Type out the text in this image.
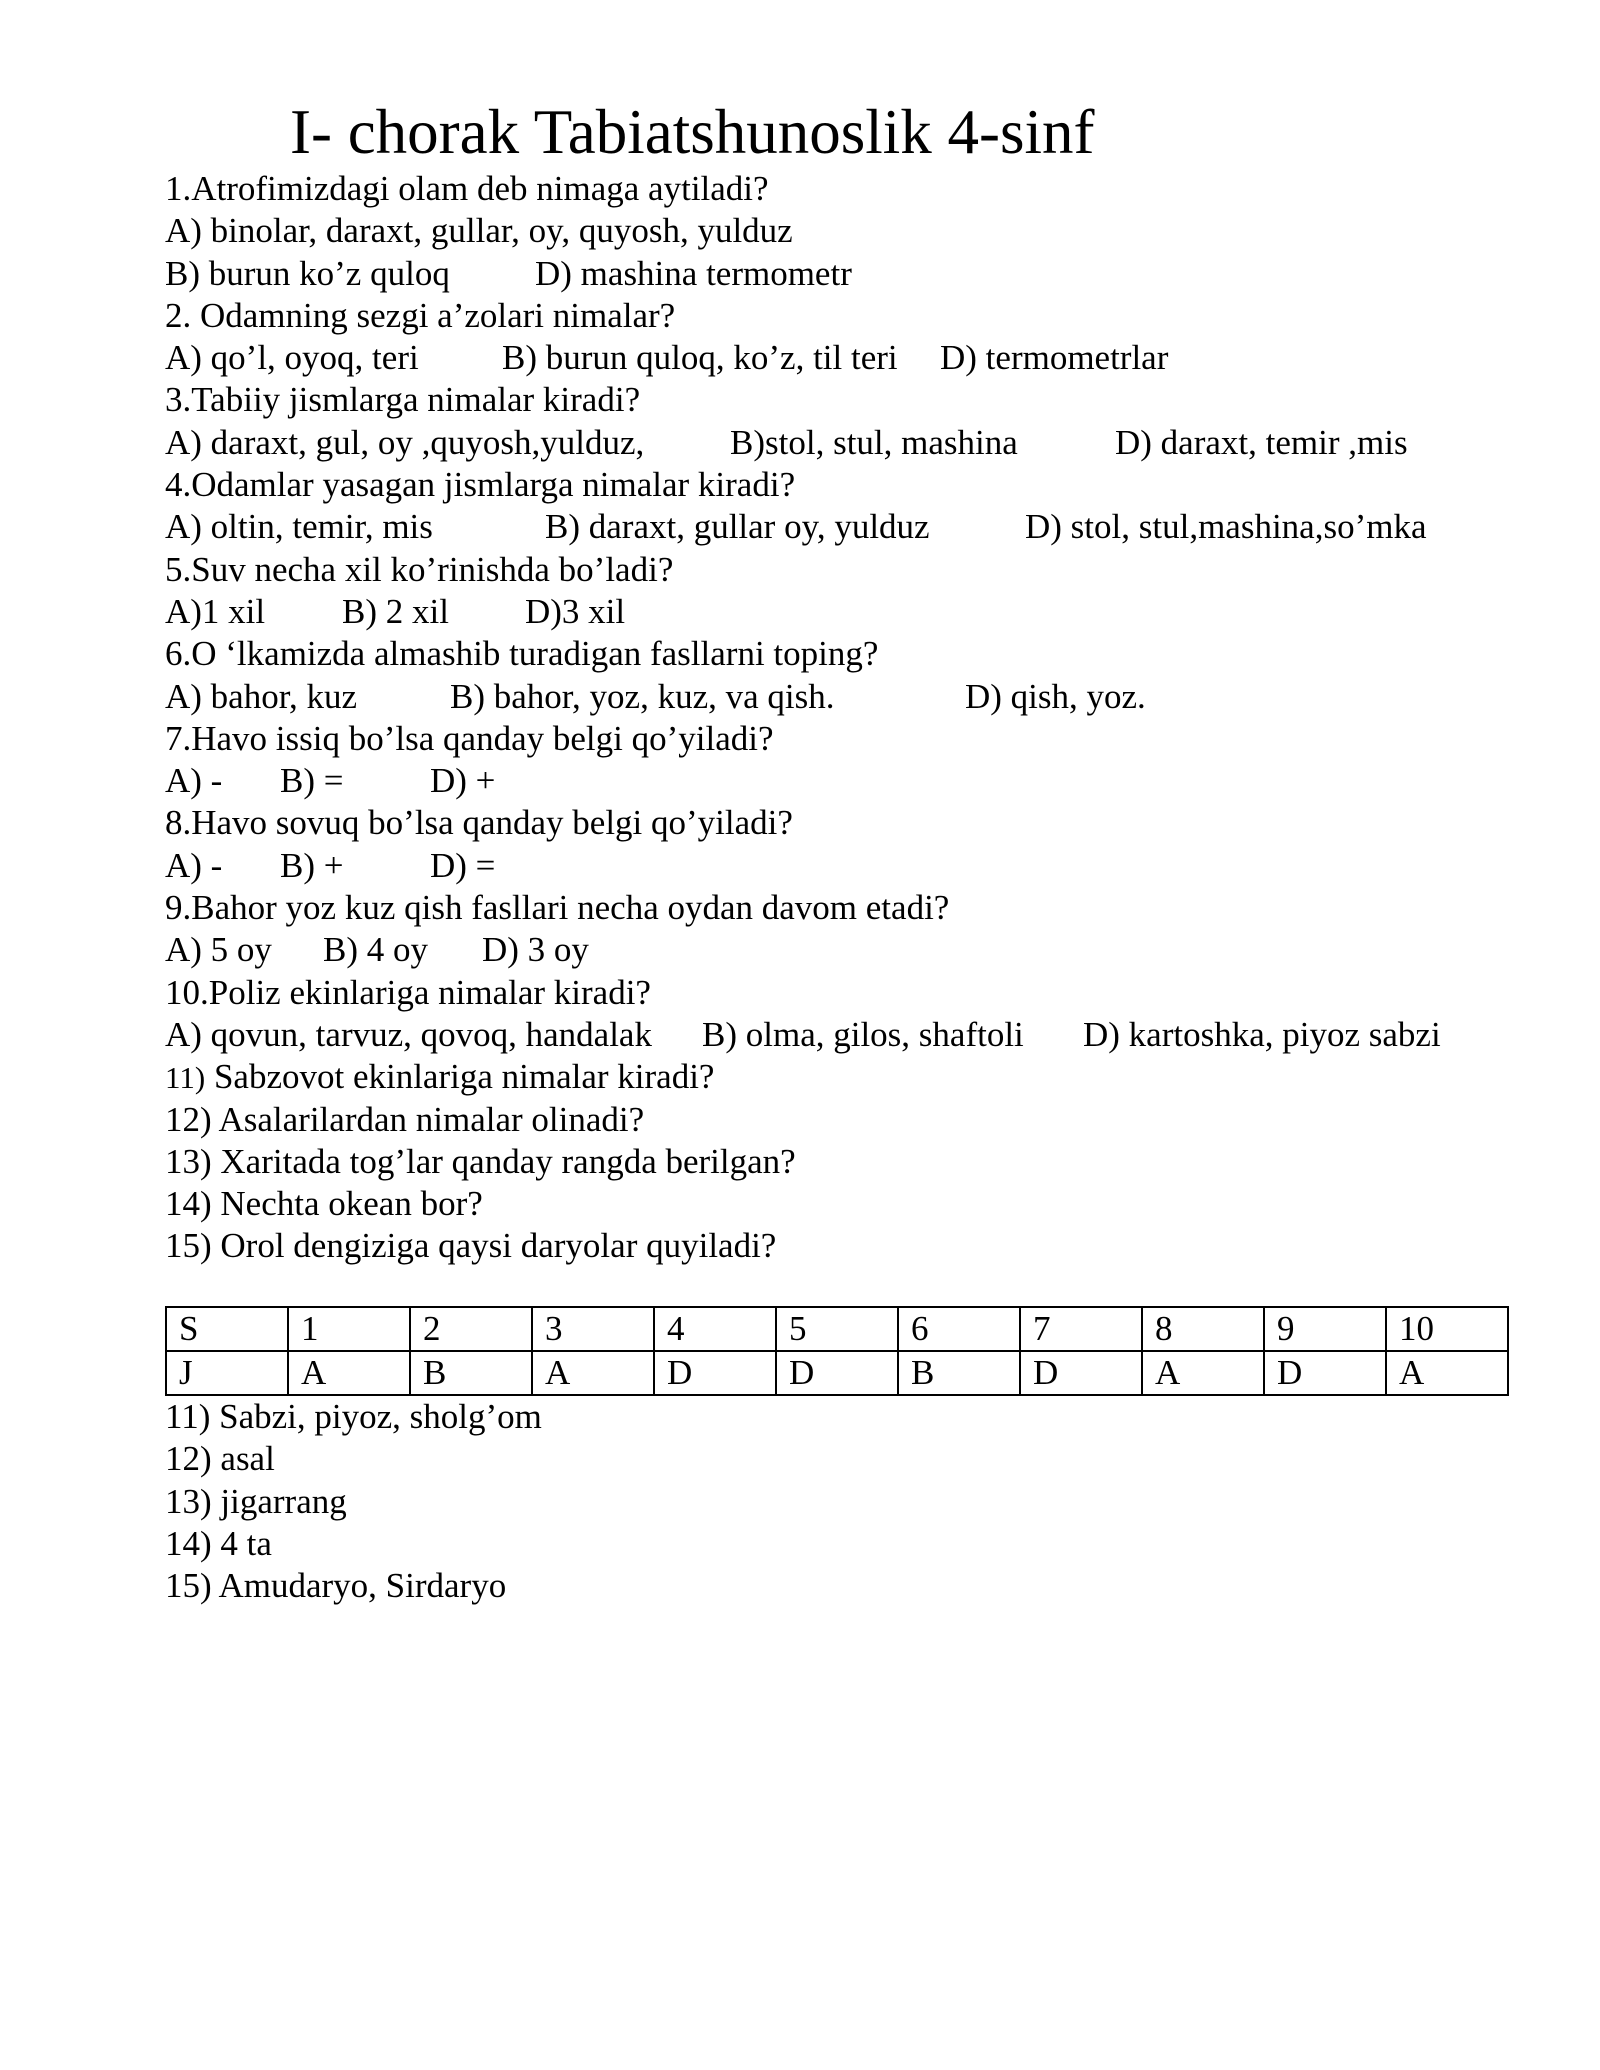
I- chorak Tabiatshunoslik 4-sinf
1.Atrofimizdagi olam deb nimaga aytiladi?
A) binolar, daraxt, gullar, oy, quyosh, yulduz
B) burun ko’z quloq D) mashina termometr
2. Odamning sezgi a’zolari nimalar?
A) qo’l, oyoq, teri B) burun quloq, ko’z, til teri D) termometrlar
3.Tabiiy jismlarga nimalar kiradi?
A) daraxt, gul, oy ,quyosh,yulduz, B)stol, stul, mashina	D) daraxt, temir ,mis
4.Odamlar yasagan jismlarga nimalar kiradi?
A) oltin, temir, mis	B) daraxt, gullar oy, yulduz	D) stol, stul,mashina,so’mka
5.Suv necha xil ko’rinishda bo’ladi?
A)1 xil B) 2 xil D)3 xil
6.O ‘lkamizda almashib turadigan fasllarni toping?
A) bahor, kuz	B) bahor, yoz, kuz, va qish.	D) qish, yoz.
7.Havo issiq bo’lsa qanday belgi qo’yiladi?
A) - B) = D) +
8.Havo sovuq bo’lsa qanday belgi qo’yiladi?
A) - B) + D) =
9.Bahor yoz kuz qish fasllari necha oydan davom etadi?
A) 5 oy B) 4 oy D) 3 oy
10.Poliz ekinlariga nimalar kiradi?
A) qovun, tarvuz, qovoq, handalak B) olma, gilos, shaftoli D) kartoshka, piyoz sabzi
11) Sabzovot ekinlariga nimalar kiradi?
12) Asalarilardan nimalar olinadi?
13) Xaritada tog’lar qanday rangda berilgan?
14) Nechta okean bor?
15) Orol dengiziga qaysi daryolar quyiladi?
S	1	2	3	4	5	6	7	8	9	10
J	A	B	A	D	D	B	D	A	D	A
11) Sabzi, piyoz, sholg’om
12) asal
13) jigarrang
14) 4 ta
15) Amudaryo, Sirdaryo
